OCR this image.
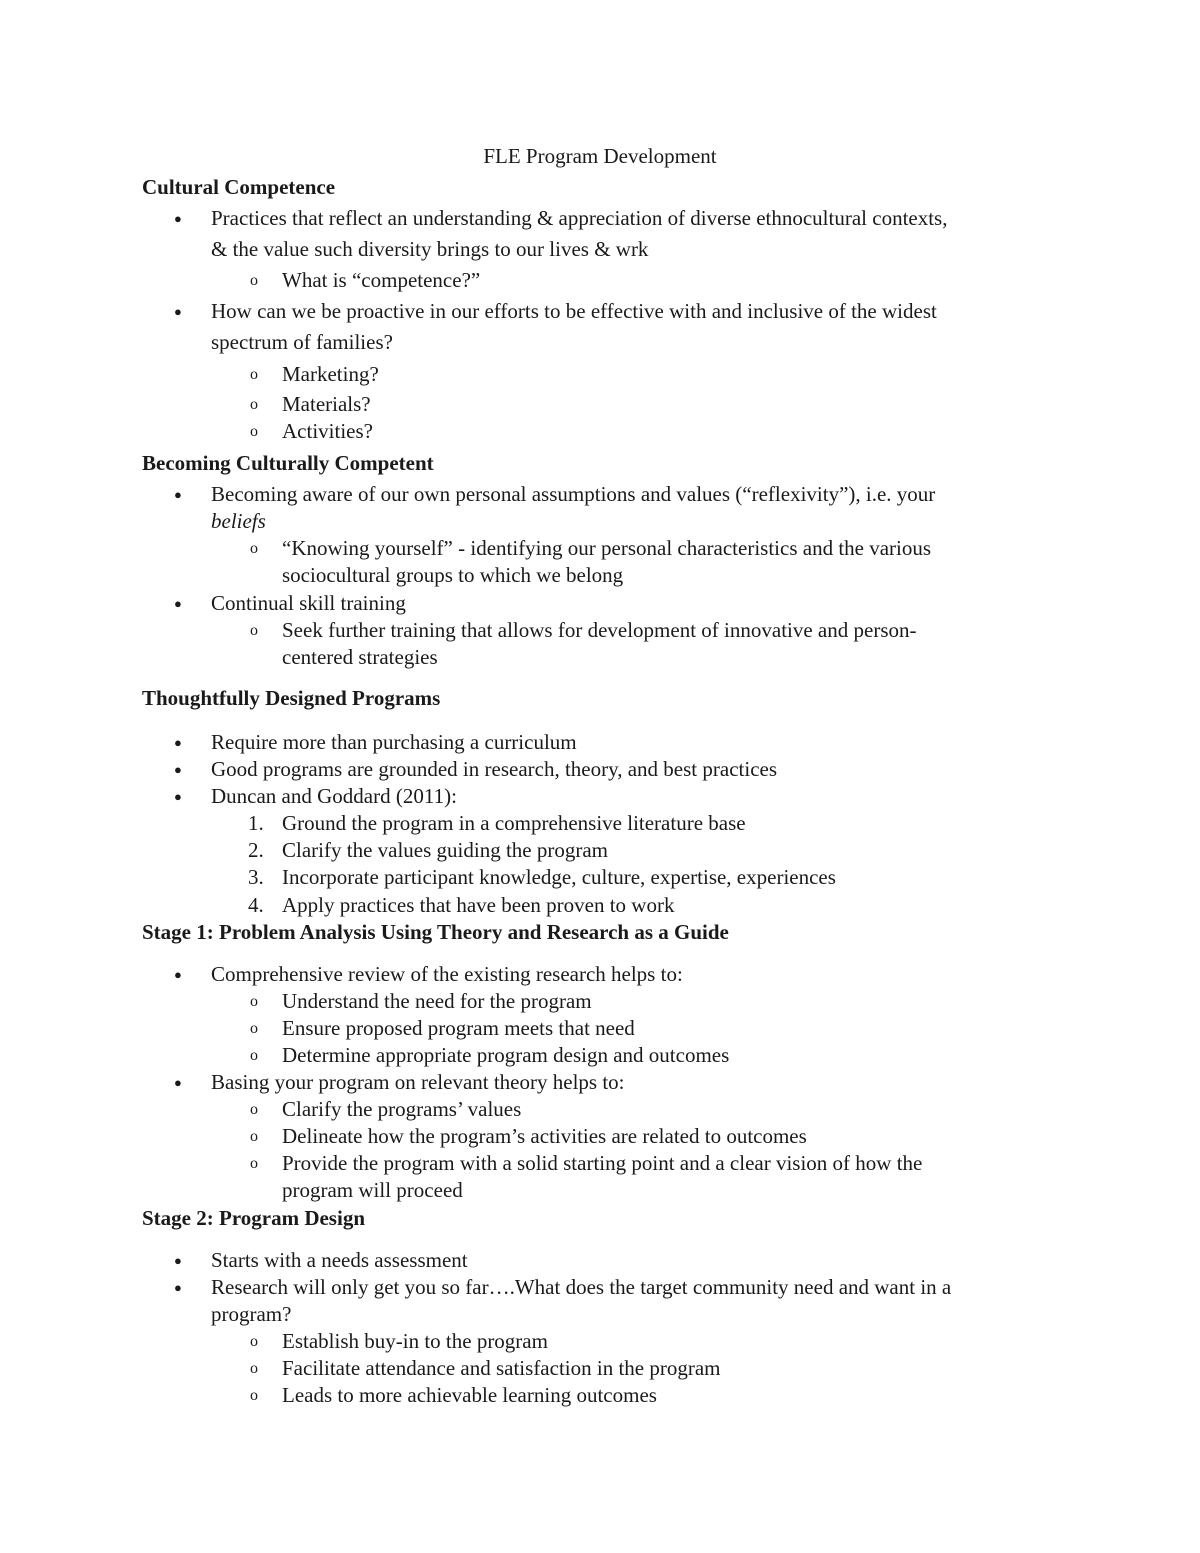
FLE Program Development
Cultural Competence
● Practices that reflect an understanding & appreciation of diverse ethnocultural contexts,
& the value such diversity brings to our lives & wrk
o What is “competence?”
● How can we be proactive in our efforts to be effective with and inclusive of the widest
spectrum of families?
o Marketing?
o Materials?
o Activities?
Becoming Culturally Competent
● Becoming aware of our own personal assumptions and values (“reflexivity”), i.e. your
beliefs
o “Knowing yourself” - identifying our personal characteristics and the various
sociocultural groups to which we belong
● Continual skill training
o Seek further training that allows for development of innovative and person-
centered strategies
Thoughtfully Designed Programs
● Require more than purchasing a curriculum
● Good programs are grounded in research, theory, and best practices
● Duncan and Goddard (2011):
1. Ground the program in a comprehensive literature base
2. Clarify the values guiding the program
3. Incorporate participant knowledge, culture, expertise, experiences
4. Apply practices that have been proven to work
Stage 1: Problem Analysis Using Theory and Research as a Guide
● Comprehensive review of the existing research helps to:
o Understand the need for the program
o Ensure proposed program meets that need
o Determine appropriate program design and outcomes
● Basing your program on relevant theory helps to:
o Clarify the programs’ values
o Delineate how the program’s activities are related to outcomes
o Provide the program with a solid starting point and a clear vision of how the
program will proceed
Stage 2: Program Design
● Starts with a needs assessment
● Research will only get you so far….What does the target community need and want in a
program?
o Establish buy-in to the program
o Facilitate attendance and satisfaction in the program
o Leads to more achievable learning outcomes
